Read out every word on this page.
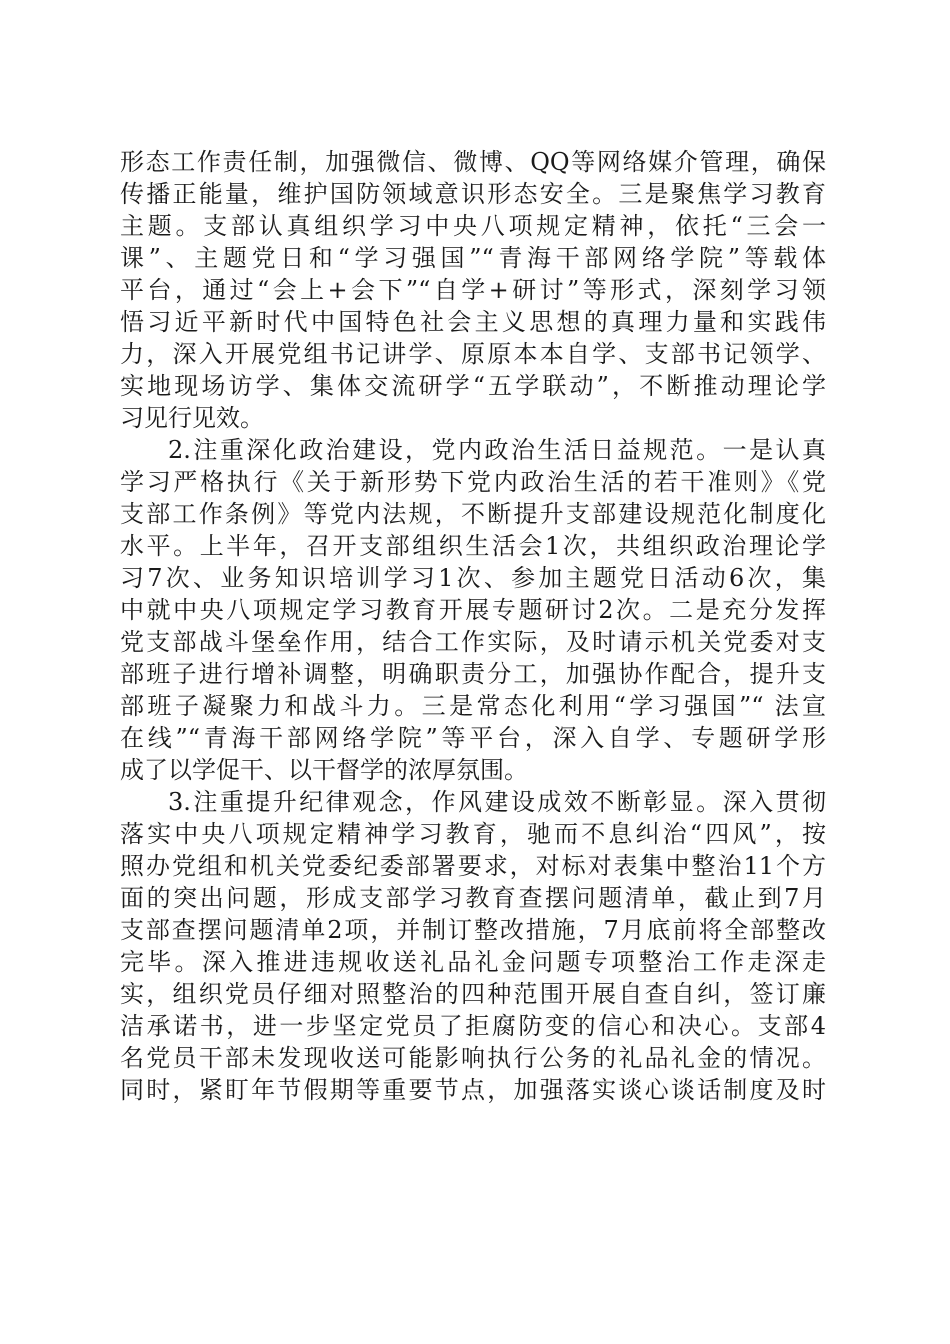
形态工作责任制，加强微信、微博、QQ等网络媒介管理，确保
传播正能量，维护国防领域意识形态安全。三是聚焦学习教育
主题。支部认真组织学习中央八项规定精神，依托“三会一
课”、主题党日和“学习强国”“青海干部网络学院”等载体
平台，通过“会上+会下”“自学+研讨”等形式，深刻学习领
悟习近平新时代中国特色社会主义思想的真理力量和实践伟
力，深入开展党组书记讲学、原原本本自学、支部书记领学、
实地现场访学、集体交流研学“五学联动”，不断推动理论学
习见行见效。
2.注重深化政治建设，党内政治生活日益规范。一是认真
学习严格执行《关于新形势下党内政治生活的若干准则》《党
支部工作条例》等党内法规，不断提升支部建设规范化制度化
水平。上半年，召开支部组织生活会1次，共组织政治理论学
习7次、业务知识培训学习1次、参加主题党日活动6次，集
中就中央八项规定学习教育开展专题研讨2次。二是充分发挥
党支部战斗堡垒作用，结合工作实际，及时请示机关党委对支
部班子进行增补调整，明确职责分工，加强协作配合，提升支
部班子凝聚力和战斗力。三是常态化利用“学习强国”“ 法宣
在线”“青海干部网络学院”等平台，深入自学、专题研学形
成了以学促干、以干督学的浓厚氛围。
3.注重提升纪律观念，作风建设成效不断彰显。深入贯彻
落实中央八项规定精神学习教育，驰而不息纠治“四风”，按
照办党组和机关党委纪委部署要求，对标对表集中整治11个方
面的突出问题，形成支部学习教育查摆问题清单，截止到7月
支部查摆问题清单2项，并制订整改措施，7月底前将全部整改
完毕。深入推进违规收送礼品礼金问题专项整治工作走深走
实，组织党员仔细对照整治的四种范围开展自查自纠，签订廉
洁承诺书，进一步坚定党员了拒腐防变的信心和决心。支部4
名党员干部未发现收送可能影响执行公务的礼品礼金的情况。
同时，紧盯年节假期等重要节点，加强落实谈心谈话制度及时
